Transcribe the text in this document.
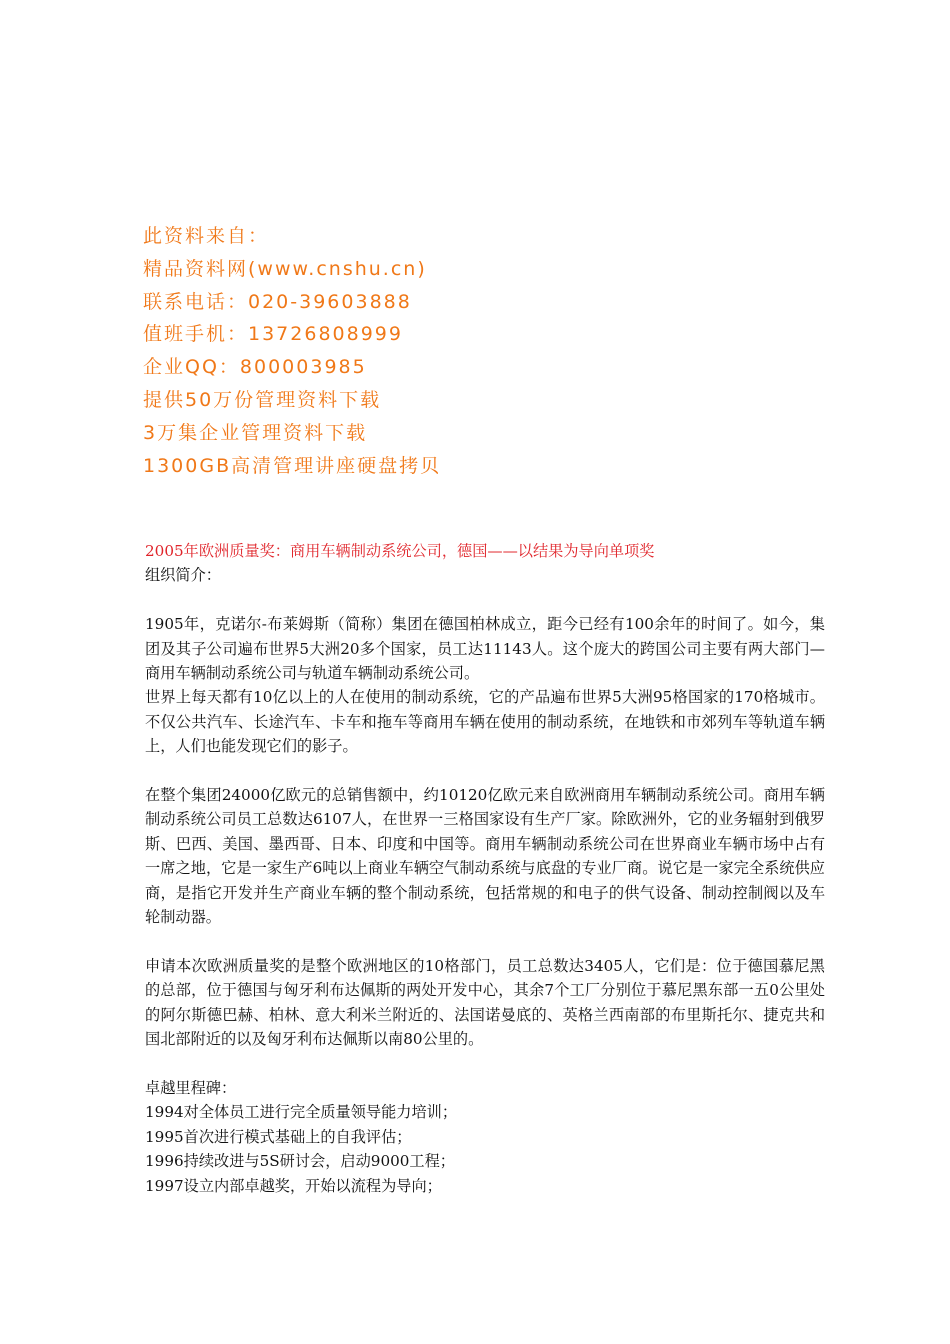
此资料来自：
精品资料网(www.cnshu.cn)
联系电话：020-39603888
值班手机：13726808999
企业QQ：800003985
提供50万份管理资料下载
3万集企业管理资料下载
1300GB高清管理讲座硬盘拷贝

2005年欧洲质量奖：商用车辆制动系统公司，德国——以结果为导向单项奖

组织简介：

1905年，克诺尔-布莱姆斯（简称）集团在德国柏林成立，距今已经有100余年的时间了。如今，集团及其子公司遍布世界5大洲20多个国家，员工达11143人。这个庞大的跨国公司主要有两大部门—商用车辆制动系统公司与轨道车辆制动系统公司。

世界上每天都有10亿以上的人在使用的制动系统，它的产品遍布世界5大洲95格国家的170格城市。不仅公共汽车、长途汽车、卡车和拖车等商用车辆在使用的制动系统，在地铁和市郊列车等轨道车辆上，人们也能发现它们的影子。

在整个集团24000亿欧元的总销售额中，约10120亿欧元来自欧洲商用车辆制动系统公司。商用车辆制动系统公司员工总数达6107人，在世界一三格国家设有生产厂家。除欧洲外，它的业务辐射到俄罗斯、巴西、美国、墨西哥、日本、印度和中国等。商用车辆制动系统公司在世界商业车辆市场中占有一席之地，它是一家生产6吨以上商业车辆空气制动系统与底盘的专业厂商。说它是一家完全系统供应商，是指它开发并生产商业车辆的整个制动系统，包括常规的和电子的供气设备、制动控制阀以及车轮制动器。

申请本次欧洲质量奖的是整个欧洲地区的10格部门，员工总数达3405人，它们是：位于德国慕尼黑的总部，位于德国与匈牙利布达佩斯的两处开发中心，其余7个工厂分别位于慕尼黑东部一五0公里处的阿尔斯德巴赫、柏林、意大利米兰附近的、法国诺曼底的、英格兰西南部的布里斯托尔、捷克共和国北部附近的以及匈牙利布达佩斯以南80公里的。

卓越里程碑：

1994对全体员工进行完全质量领导能力培训；

1995首次进行模式基础上的自我评估；

1996持续改进与5S研讨会，启动9000工程；

1997设立内部卓越奖，开始以流程为导向；
